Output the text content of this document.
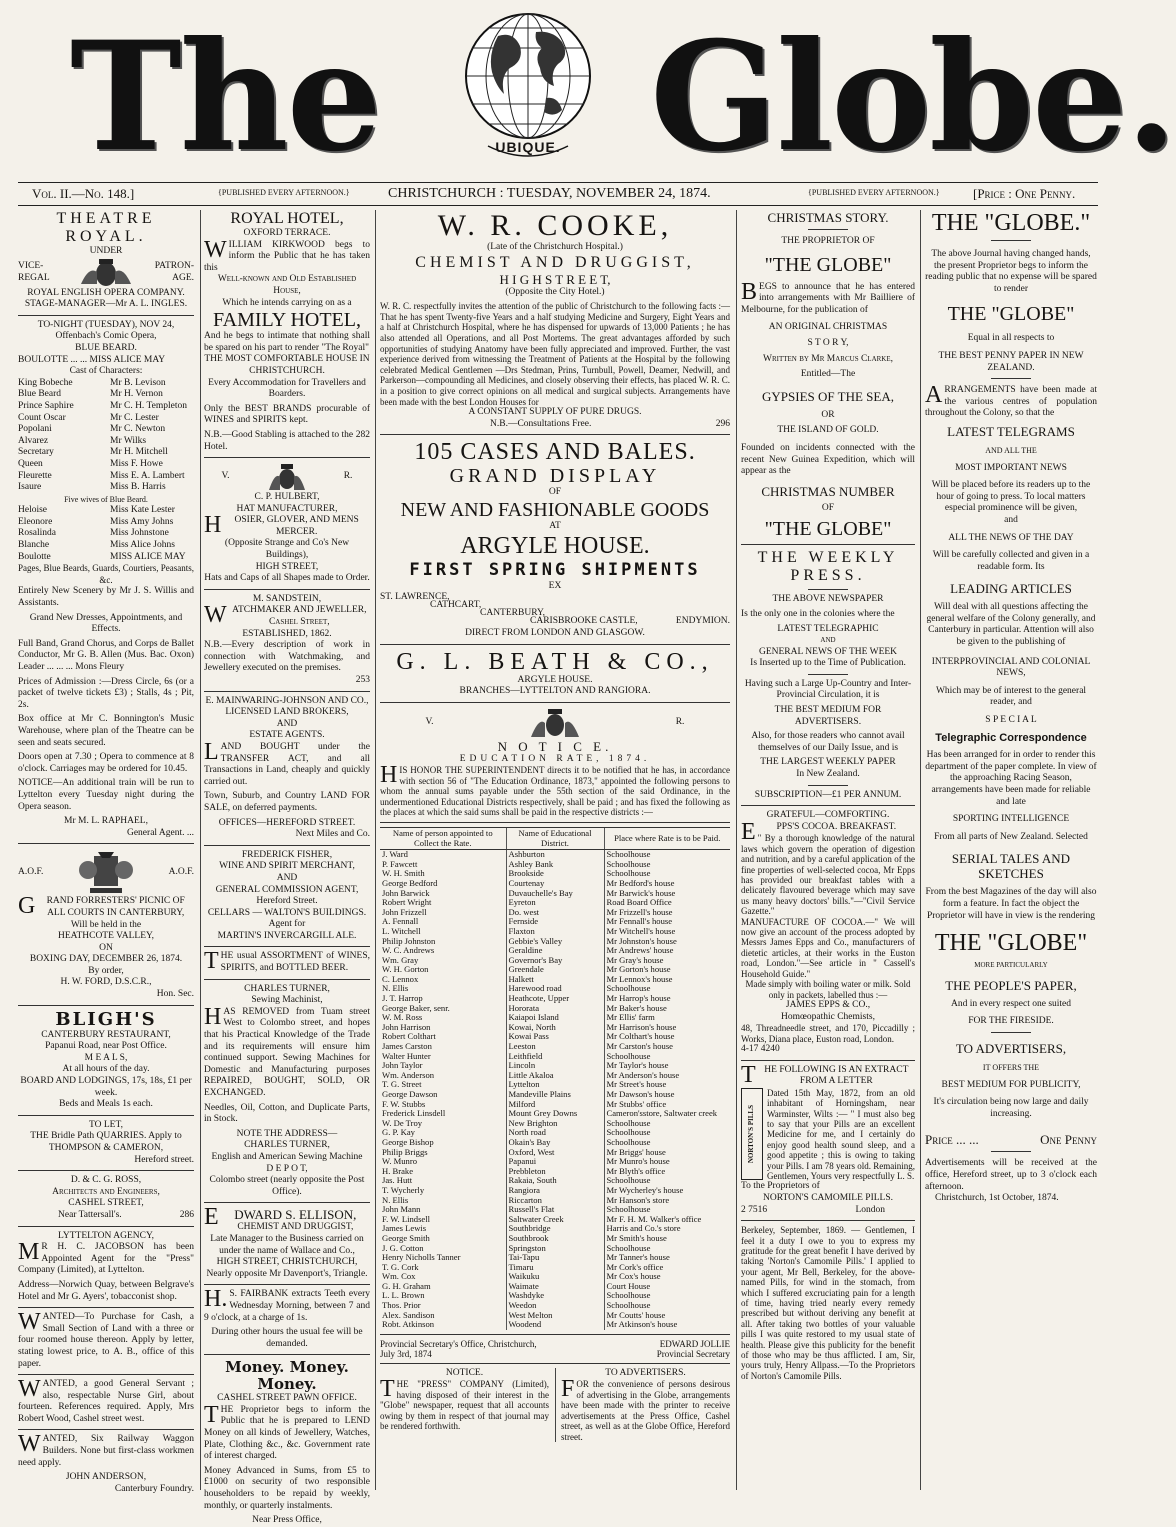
The	UBIQUE. Globe.
Vol. II.—No. 148.]	{PUBLISHED EVERY AFTERNOON.}	CHRISTCHURCH : TUESDAY, NOVEMBER 24, 1874.	{PUBLISHED EVERY AFTERNOON.}	[Price : One Penny.
THEATRE ROYAL.
UNDER
VICE-REGAL
PATRON-AGE.
ROYAL ENGLISH OPERA COMPANY.
STAGE-MANAGER—Mr A. L. INGLES.
TO-NIGHT (TUESDAY), NOV 24,
Offenbach's Comic Opera,
BLUE BEARD.
BOULOTTE ... ... MISS ALICE MAY
Cast of Characters:
King Bobeche	Mr B. Levison
Blue Beard	Mr H. Vernon
Prince Saphire	Mr C. H. Templeton
Count Oscar	Mr C. Lester
Popolani	Mr C. Newton
Alvarez	Mr Wilks
Secretary	Mr H. Mitchell
Queen	Miss F. Howe
Fleurette	Miss E. A. Lambert
Isaure	Miss B. Harris
Five wives of Blue Beard.
Heloise	Miss Kate Lester
Eleonore	Miss Amy Johns
Rosalinda	Miss Johnstone
Blanche	Miss Alice Johns
Boulotte	MISS ALICE MAY
Pages, Blue Beards, Guards, Courtiers, Peasants, &c.
Entirely New Scenery by Mr J. S. Willis and Assistants.
Grand New Dresses, Appointments, and Effects.
Full Band, Grand Chorus, and Corps de Ballet Conductor, Mr G. B. Allen (Mus. Bac. Oxon) Leader ... ... ... Mons Fleury
Prices of Admission :—Dress Circle, 6s (or a packet of twelve tickets £3) ; Stalls, 4s ; Pit, 2s.
Box office at Mr C. Bonnington's Music Warehouse, where plan of the Theatre can be seen and seats secured.
Doors open at 7.30 ; Opera to commence at 8 o'clock. Carriages may be ordered for 10.45.
NOTICE—An additional train will be run to Lyttelton every Tuesday night during the Opera season.
Mr M. L. RAPHAEL,
General Agent. ...
A.O.F.	A.O.F.
GRAND FORRESTERS' PICNIC OF
ALL COURTS IN CANTERBURY,
Will be held in the
HEATHCOTE VALLEY,
ON
BOXING DAY, DECEMBER 26, 1874.
By order,
H. W. FORD, D.S.C.R.,
Hon. Sec.
BLIGH'S
CANTERBURY RESTAURANT,
Papanui Road, near Post Office.
M E A L S,
At all hours of the day.
BOARD AND LODGINGS, 17s, 18s, £1 per week.
Beds and Meals 1s each.
TO LET,
THE Bridle Path QUARRIES. Apply to
THOMPSON & CAMERON,
Hereford street.
D. & C. G. ROSS,
Architects and Engineers,
CASHEL STREET,
Near Tattersall's.	286
LYTTELTON AGENCY,
MR H. C. JACOBSON has been Appointed Agent for the "Press" Company (Limited), at Lyttelton.
Address—Norwich Quay, between Belgrave's Hotel and Mr G. Ayers', tobacconist shop.
WANTED—To Purchase for Cash, a Small Section of Land with a three or four roomed house thereon. Apply by letter, stating lowest price, to A. B., office of this paper.
WANTED, a good General Servant ; also, respectable Nurse Girl, about fourteen. References required. Apply, Mrs Robert Wood, Cashel street west.
WANTED, Six Railway Waggon Builders. None but first-class workmen need apply.
JOHN ANDERSON,
Canterbury Foundry.
ROYAL HOTEL,
OXFORD TERRACE.
WILLIAM KIRKWOOD begs to inform the Public that he has taken this
Well-known and Old Established House,
Which he intends carrying on as a
FAMILY HOTEL,
And he begs to intimate that nothing shall be spared on his part to render "The Royal"
THE MOST COMFORTABLE HOUSE IN CHRISTCHURCH.
Every Accommodation for Travellers and Boarders.
Only the BEST BRANDS procurable of WINES and SPIRITS kept.
N.B.—Good Stabling is attached to the Hotel.
282
V.	R.
C. P. HULBERT,
HAT MANUFACTURER,
HOSIER, GLOVER, AND MENS MERCER.
(Opposite Strange and Co's New Buildings),
HIGH STREET,
Hats and Caps of all Shapes made to Order.
M. SANDSTEIN,
WATCHMAKER AND JEWELLER,
Cashel Street,
ESTABLISHED, 1862.
N.B.—Every description of work in connection with Watchmaking, and Jewellery executed on the premises.
253
E. MAINWARING-JOHNSON AND CO.,
LICENSED LAND BROKERS,
AND
ESTATE AGENTS.
LAND BOUGHT under the TRANSFER ACT, and all Transactions in Land, cheaply and quickly carried out.
Town, Suburb, and Country LAND FOR SALE, on deferred payments.
OFFICES—HEREFORD STREET.
Next Miles and Co.
FREDERICK FISHER,
WINE AND SPIRIT MERCHANT,
AND
GENERAL COMMISSION AGENT,
Hereford Street.
CELLARS — WALTON'S BUILDINGS.
Agent for
MARTIN'S INVERCARGILL ALE.
THE usual ASSORTMENT of WINES, SPIRITS, and BOTTLED BEER.
CHARLES TURNER,
Sewing Machinist,
HAS REMOVED from Tuam street West to Colombo street, and hopes that his Practical Knowledge of the Trade and its requirements will ensure him continued support. Sewing Machines for Domestic and Manufacturing purposes REPAIRED, BOUGHT, SOLD, OR EXCHANGED.
Needles, Oil, Cotton, and Duplicate Parts, in Stock.
NOTE THE ADDRESS—
CHARLES TURNER,
English and American Sewing Machine
D E P O T,
Colombo street (nearly opposite the Post Office).
EDWARD S. ELLISON,
CHEMIST AND DRUGGIST,
Late Manager to the Business carried on under the name of Wallace and Co.,
HIGH STREET, CHRISTCHURCH,
Nearly opposite Mr Davenport's, Triangle.
H.S. FAIRBANK extracts Teeth every Wednesday Morning, between 7 and 9 o'clock, at a charge of 1s.
During other hours the usual fee will be demanded.
Money. Money. Money.
CASHEL STREET PAWN OFFICE.
THE Proprietor begs to inform the Public that he is prepared to LEND Money on all kinds of Jewellery, Watches, Plate, Clothing &c., &c. Government rate of interest charged.
Money Advanced in Sums, from £5 to £1000 on security of two responsible householders to be repaid by weekly, monthly, or quarterly instalments.
Near Press Office,
W. R. COOKE,
(Late of the Christchurch Hospital.)
CHEMIST AND DRUGGIST,
H I G H S T R E E T,
(Opposite the City Hotel.)
W. R. C. respectfully invites the attention of the public of Christchurch to the following facts :—That he has spent Twenty-five Years and a half studying Medicine and Surgery, Eight Years and a half at Christchurch Hospital, where he has dispensed for upwards of 13,000 Patients ; he has also attended all Operations, and all Post Mortems. The great advantages afforded by such opportunities of studying Anatomy have been fully appreciated and improved. Further, the vast experience derived from witnessing the Treatment of Patients at the Hospital by the following celebrated Medical Gentlemen —Drs Stedman, Prins, Turnbull, Powell, Deamer, Nedwill, and Parkerson—compounding all Medicines, and closely observing their effects, has placed W. R. C. in a position to give correct opinions on all medical and surgical subjects. Arrangements have been made with the best London Houses for
A CONSTANT SUPPLY OF PURE DRUGS.
N.B.—Consultations Free.	296
105 CASES AND BALES.
GRAND DISPLAY
OF
NEW AND FASHIONABLE GOODS
AT
ARGYLE HOUSE.
FIRST SPRING SHIPMENTS
EX
ST. LAWRENCE,
CATHCART,
CANTERBURY,
CARISBROOKE CASTLE,	ENDYMION.
DIRECT FROM LONDON AND GLASGOW.
G. L. BEATH & CO.,
ARGYLE HOUSE.
BRANCHES—LYTTELTON AND RANGIORA.
V.	R.
N O T I C E.
EDUCATION RATE, 1874.
HIS HONOR THE SUPERINTENDENT directs it to be notified that he has, in accordance with section 56 of "The Education Ordinance, 1873," appointed the following persons to whom the annual sums payable under the 55th section of the said Ordinance, in the undermentioned Educational Districts respectively, shall be paid ; and has fixed the following as the places at which the said sums shall be paid in the respective districts :—
Name of person appointed to Collect the Rate.	Name of Educational District.	Place where Rate is to be Paid.
J. Ward	Ashburton	Schoolhouse
P. Fawcett	Ashley Bank	Schoolhouse
W. H. Smith	Brookside	Schoolhouse
George Bedford	Courtenay	Mr Bedford's house
John Barwick	Duvauchelle's Bay	Mr Barwick's house
Robert Wright	Eyreton	Road Board Office
John Frizzell	Do. west	Mr Frizzell's house
A. Fennall	Fernside	Mr Fennall's house
L. Witchell	Flaxton	Mr Witchell's house
Philip Johnston	Gebbie's Valley	Mr Johnston's house
W. C. Andrews	Geraldine	Mr Andrews' house
Wm. Gray	Governor's Bay	Mr Gray's house
W. H. Gorton	Greendale	Mr Gorton's house
C. Lennox	Halkett	Mr Lennox's house
N. Ellis	Harewood road	Schoolhouse
J. T. Harrop	Heathcote, Upper	Mr Harrop's house
George Baker, senr.	Hororata	Mr Baker's house
W. M. Ross	Kaiapoi Island	Mr Ellis' farm
John Harrison	Kowai, North	Mr Harrison's house
Robert Colthart	Kowai Pass	Mr Colthart's house
James Carston	Leeston	Mr Carston's house
Walter Hunter	Leithfield	Schoolhouse
John Taylor	Lincoln	Mr Taylor's house
Wm. Anderson	Little Akaloa	Mr Anderson's house
T. G. Street	Lyttelton	Mr Street's house
George Dawson	Mandeville Plains	Mr Dawson's house
F. W. Stubbs	Milford	Mr Stubbs' office
Frederick Linsdell	Mount Grey Downs	Cameron'sstore, Saltwater creek
W. De Troy	New Brighton	Schoolhouse
G. P. Kay	North road	Schoolhouse
George Bishop	Okain's Bay	Schoolhouse
Philip Briggs	Oxford, West	Mr Briggs' house
W. Munro	Papanui	Mr Munro's house
H. Brake	Prebbleton	Mr Blyth's office
Jas. Hutt	Rakaia, South	Schoolhouse
T. Wycherly	Rangiora	Mr Wycherley's house
N. Ellis	Riccarton	Mr Hanson's store
John Mann	Russell's Flat	Schoolhouse
F. W. Lindsell	Saltwater Creek	Mr F. H. M. Walker's office
James Lewis	Southbridge	Harris and Co.'s store
George Smith	Southbrook	Mr Smith's house
J. G. Cotton	Springston	Schoolhouse
Henry Nicholls Tanner	Tai-Tapu	Mr Tanner's house
T. G. Cork	Timaru	Mr Cork's office
Wm. Cox	Waikuku	Mr Cox's house
G. H. Graham	Waimate	Court House
L. L. Brown	Washdyke	Schoolhouse
Thos. Prior	Weedon	Schoolhouse
Alex. Sandison	West Melton	Mr Coutts' house
Robt. Atkinson	Woodend	Mr Atkinson's house
Provincial Secretary's Office, Christchurch, July 3rd, 1874
EDWARD JOLLIE
Provincial Secretary
NOTICE.
THE "PRESS" COMPANY (Limited), having disposed of their interest in the "Globe" newspaper, request that all accounts owing by them in respect of that journal may be rendered forthwith.
TO ADVERTISERS.
FOR the convenience of persons desirous of advertising in the Globe, arrangements have been made with the printer to receive advertisements at the Press Office, Cashel street, as well as at the Globe Office, Hereford street.
CHRISTMAS STORY.
THE PROPRIETOR OF
"THE GLOBE"
BEGS to announce that he has entered into arrangements with Mr Bailliere of Melbourne, for the publication of
AN ORIGINAL CHRISTMAS
S T O R Y,
Written by Mr Marcus Clarke,
Entitled—The
GYPSIES OF THE SEA,
OR
THE ISLAND OF GOLD.
Founded on incidents connected with the recent New Guinea Expedition, which will appear as the
CHRISTMAS NUMBER
OF
"THE GLOBE"
THE WEEKLY PRESS.
THE ABOVE NEWSPAPER
Is the only one in the colonies where the
LATEST TELEGRAPHIC
AND
GENERAL NEWS OF THE WEEK
Is Inserted up to the Time of Publication.
Having such a Large Up-Country and Inter-Provincial Circulation, it is
THE BEST MEDIUM FOR ADVERTISERS.
Also, for those readers who cannot avail themselves of our Daily Issue, and is
THE LARGEST WEEKLY PAPER
In New Zealand.
SUBSCRIPTION—£1 PER ANNUM.
GRATEFUL—COMFORTING.
EPPS'S COCOA. BREAKFAST.
" By a thorough knowledge of the natural laws which govern the operation of digestion and nutrition, and by a careful application of the fine properties of well-selected cocoa, Mr Epps has provided our breakfast tables with a delicately flavoured beverage which may save us many heavy doctors' bills."—"Civil Service Gazette."
MANUFACTURE OF COCOA.—" We will now give an account of the process adopted by Messrs James Epps and Co., manufacturers of dietetic articles, at their works in the Euston road, London."—See article in " Cassell's Household Guide."
Made simply with boiling water or milk. Sold only in packets, labelled thus :—
JAMES EPPS & CO.,
Homœopathic Chemists,
48, Threadneedle street, and 170, Piccadilly ; Works, Diana place, Euston road, London.
4-17 4240
THE FOLLOWING IS AN EXTRACT FROM A LETTER
NORTON'S PILLS
Dated 15th May, 1872, from an old inhabitant of Horningsham, near Warminster, Wilts :— " I must also beg to say that your Pills are an excellent Medicine for me, and I certainly do enjoy good health sound sleep, and a good appetite ; this is owing to taking your Pills. I am 78 years old. Remaining, Gentlemen, Yours very respectfully L. S.
To the Proprietors of
NORTON'S CAMOMILE PILLS.
2 7516	London
Berkeley, September, 1869. — Gentlemen, I feel it a duty I owe to you to express my gratitude for the great benefit I have derived by taking 'Norton's Camomile Pills.' I applied to your agent, Mr Bell, Berkeley, for the above-named Pills, for wind in the stomach, from which I suffered excruciating pain for a length of time, having tried nearly every remedy prescribed but without deriving any benefit at all. After taking two bottles of your valuable pills I was quite restored to my usual state of health. Please give this publicity for the benefit of those who may be thus afflicted. I am, Sir, yours truly, Henry Allpass.—To the Proprietors of Norton's Camomile Pills.
THE "GLOBE."
The above Journal having changed hands, the present Proprietor begs to inform the reading public that no expense will be spared to render
THE "GLOBE"
Equal in all respects to
THE BEST PENNY PAPER IN NEW ZEALAND.
ARRANGEMENTS have been made at the various centres of population throughout the Colony, so that the
LATEST TELEGRAMS
AND ALL THE
MOST IMPORTANT NEWS
Will be placed before its readers up to the hour of going to press. To local matters especial prominence will be given,
and
ALL THE NEWS OF THE DAY
Will be carefully collected and given in a readable form. Its
LEADING ARTICLES
Will deal with all questions affecting the general welfare of the Colony generally, and Canterbury in particular. Attention will also be given to the publishing of
INTERPROVINCIAL AND COLONIAL NEWS,
Which may be of interest to the general reader, and
S P E C I A L
Telegraphic Correspondence
Has been arranged for in order to render this department of the paper complete. In view of the approaching Racing Season, arrangements have been made for reliable and late
SPORTING INTELLIGENCE
From all parts of New Zealand. Selected
SERIAL TALES AND SKETCHES
From the best Magazines of the day will also form a feature. In fact the object the Proprietor will have in view is the rendering
THE "GLOBE"
MORE PARTICULARLY
THE PEOPLE'S PAPER,
And in every respect one suited
FOR THE FIRESIDE.
TO ADVERTISERS,
IT OFFERS THE
BEST MEDIUM FOR PUBLICITY,
It's circulation being now large and daily increasing.
Price ... ...	One Penny
Advertisements will be received at the office, Hereford street, up to 3 o'clock each afternoon.
Christchurch, 1st October, 1874.
